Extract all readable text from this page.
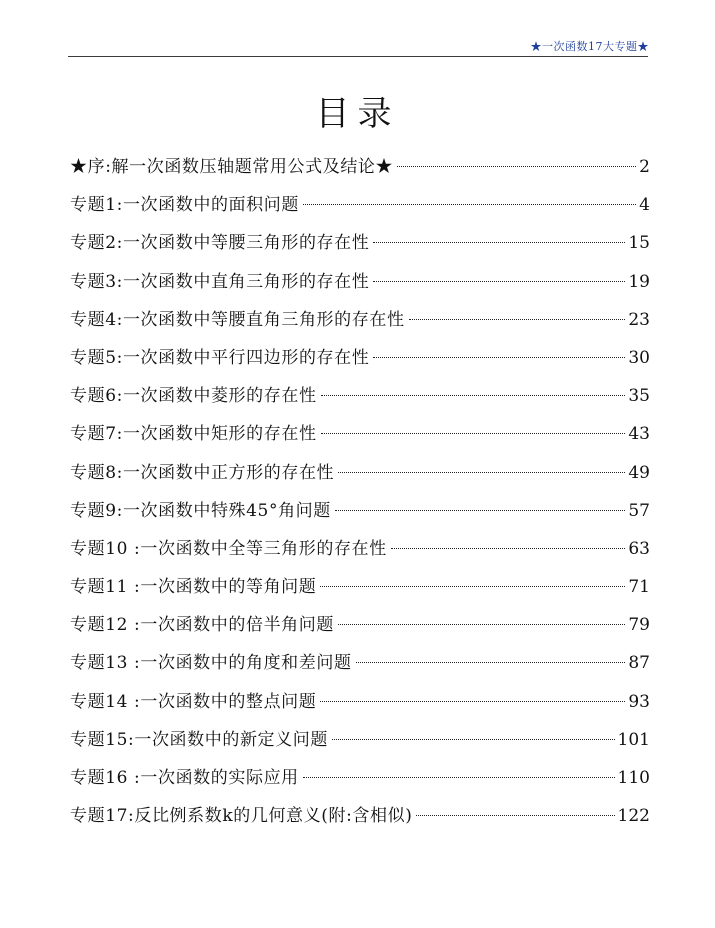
★一次函数17大专题★
目录
★序:解一次函数压轴题常用公式及结论★	2
专题1:一次函数中的面积问题	4
专题2:一次函数中等腰三角形的存在性	15
专题3:一次函数中直角三角形的存在性	19
专题4:一次函数中等腰直角三角形的存在性	23
专题5:一次函数中平行四边形的存在性	30
专题6:一次函数中菱形的存在性	35
专题7:一次函数中矩形的存在性	43
专题8:一次函数中正方形的存在性	49
专题9:一次函数中特殊45°角问题	57
专题10 :一次函数中全等三角形的存在性	63
专题11 :一次函数中的等角问题	71
专题12 :一次函数中的倍半角问题	79
专题13 :一次函数中的角度和差问题	87
专题14 :一次函数中的整点问题	93
专题15:一次函数中的新定义问题	101
专题16 :一次函数的实际应用	110
专题17:反比例系数k的几何意义(附:含相似)	122
